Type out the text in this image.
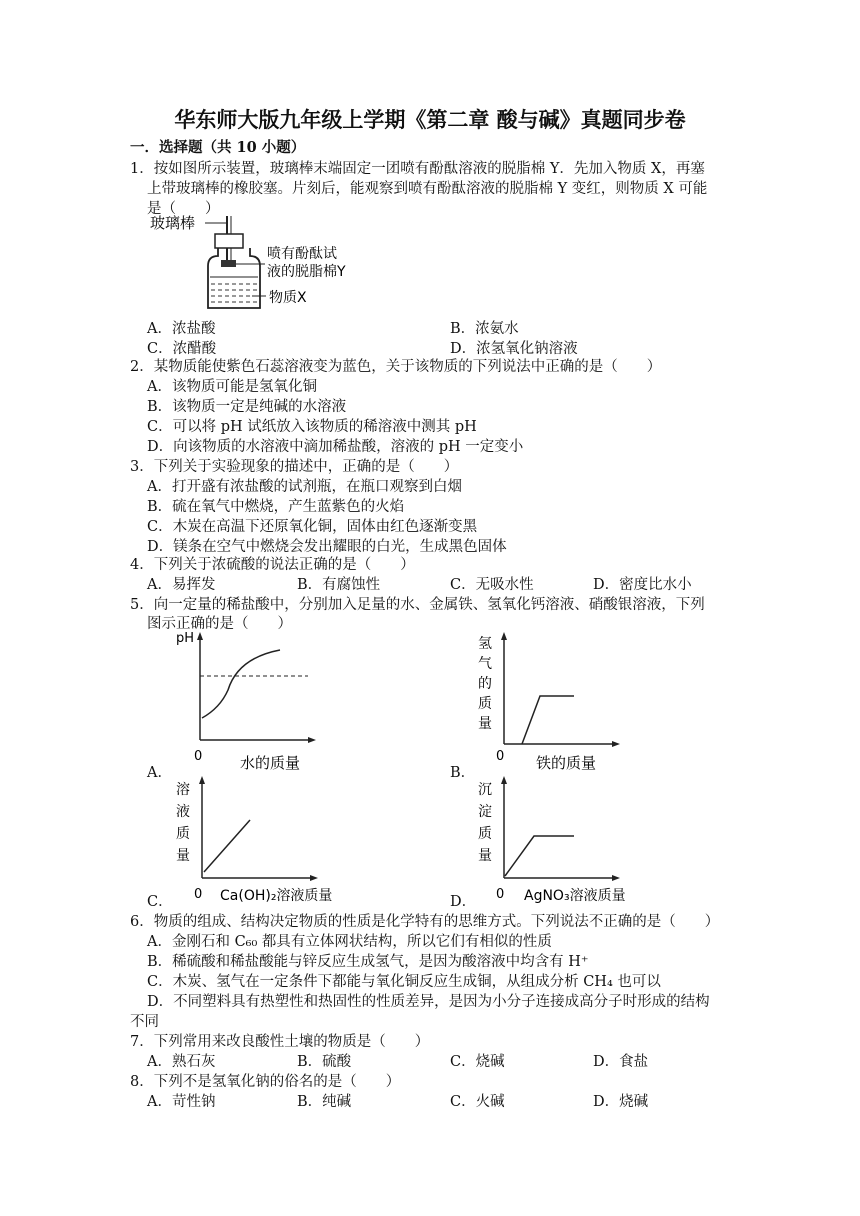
华东师大版九年级上学期《第二章 酸与碱》真题同步卷
一．选择题（共 10 小题）
1．按如图所示装置，玻璃棒末端固定一团喷有酚酞溶液的脱脂棉 Y．先加入物质 X，再塞
上带玻璃棒的橡胶塞。片刻后，能观察到喷有酚酞溶液的脱脂棉 Y 变红，则物质 X 可能
是（　　）
玻璃棒
喷有酚酞试
液的脱脂棉Y
物质X
A．浓盐酸	B．浓氨水
C．浓醋酸	D．浓氢氧化钠溶液
2．某物质能使紫色石蕊溶液变为蓝色，关于该物质的下列说法中正确的是（　　）
A．该物质可能是氢氧化铜
B．该物质一定是纯碱的水溶液
C．可以将 pH 试纸放入该物质的稀溶液中测其 pH
D．向该物质的水溶液中滴加稀盐酸，溶液的 pH 一定变小
3．下列关于实验现象的描述中，正确的是（　　）
A．打开盛有浓盐酸的试剂瓶，在瓶口观察到白烟
B．硫在氧气中燃烧，产生蓝紫色的火焰
C．木炭在高温下还原氧化铜，固体由红色逐渐变黑
D．镁条在空气中燃烧会发出耀眼的白光，生成黑色固体
4．下列关于浓硫酸的说法正确的是（　　）
A．易挥发	B．有腐蚀性	C．无吸水性	D．密度比水小
5．向一定量的稀盐酸中，分别加入足量的水、金属铁、氢氧化钙溶液、硝酸银溶液，下列
图示正确的是（　　）
A．
pH
0	水的质量
B．
氢
气
的
质
量
0 铁的质量
C．
溶
液
质
量
0 Ca(OH)₂溶液质量	D．
沉
淀
质
量
0 AgNO₃溶液质量
6．物质的组成、结构决定物质的性质是化学特有的思维方式。下列说法不正确的是（　　）
A．金刚石和 C₆₀ 都具有立体网状结构，所以它们有相似的性质
B．稀硫酸和稀盐酸能与锌反应生成氢气，是因为酸溶液中均含有 H⁺
C．木炭、氢气在一定条件下都能与氧化铜反应生成铜，从组成分析 CH₄ 也可以
D．不同塑料具有热塑性和热固性的性质差异，是因为小分子连接成高分子时形成的结构
不同
7．下列常用来改良酸性土壤的物质是（　　）
A．熟石灰	B．硫酸	C．烧碱	D．食盐
8．下列不是氢氧化钠的俗名的是（　　）
A．苛性钠	B．纯碱	C．火碱	D．烧碱
